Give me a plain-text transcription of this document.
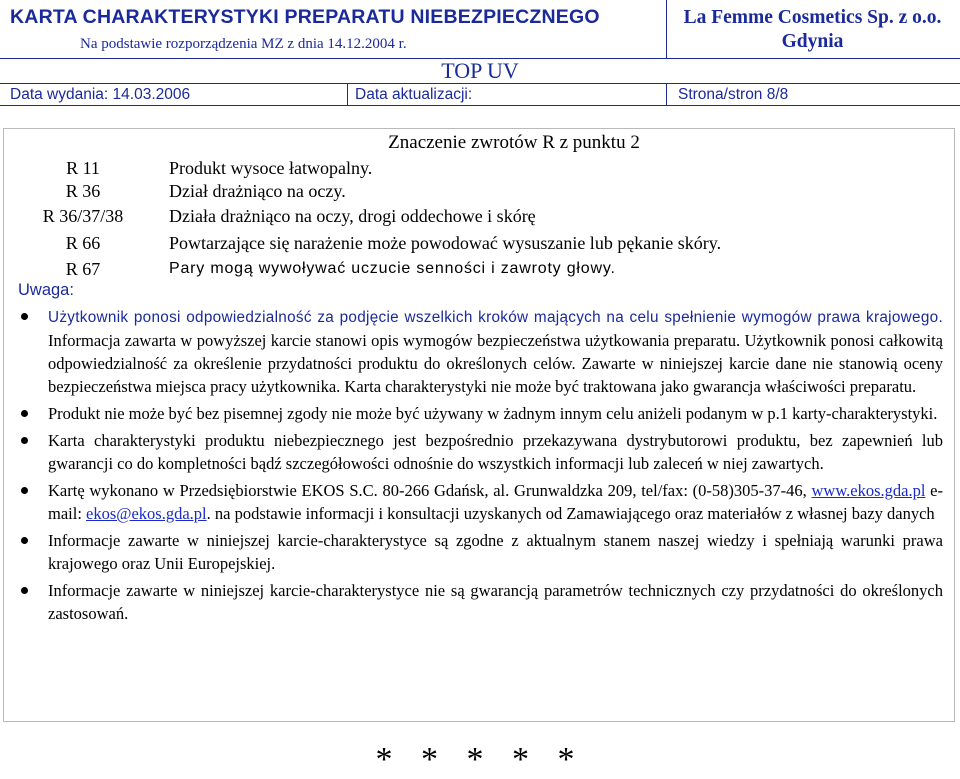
KARTA CHARAKTERYSTYKI PREPARATU NIEBEZPIECZNEGO
Na podstawie rozporządzenia MZ z dnia 14.12.2004 r.
La Femme Cosmetics Sp. z o.o.
Gdynia
TOP UV
Data wydania: 14.03.2006	Data aktualizacji:	Strona/stron 8/8
Znaczenie zwrotów R z punktu 2
R 11	Produkt wysoce łatwopalny.
R 36	Dział drażniąco na oczy.
R 36/37/38	Działa drażniąco na oczy, drogi oddechowe i skórę
R 66	Powtarzające się narażenie może powodować wysuszanie lub pękanie skóry.
R 67	Pary mogą wywoływać uczucie senności i zawroty głowy.
Uwaga:
Użytkownik ponosi odpowiedzialność za podjęcie wszelkich kroków mających na celu spełnienie wymogów prawa krajowego. Informacja zawarta w powyższej karcie stanowi opis wymogów bezpieczeństwa użytkowania preparatu. Użytkownik ponosi całkowitą odpowiedzialność za określenie przydatności produktu do określonych celów. Zawarte w niniejszej karcie dane nie stanowią oceny bezpieczeństwa miejsca pracy użytkownika. Karta charakterystyki nie może być traktowana jako gwarancja właściwości preparatu.
Produkt nie może być bez pisemnej zgody nie może być używany w żadnym innym celu aniżeli podanym w p.1 karty-charakterystyki.
Karta charakterystyki produktu niebezpiecznego jest bezpośrednio przekazywana dystrybutorowi produktu, bez zapewnień lub gwarancji co do kompletności bądź szczegółowości odnośnie do wszystkich informacji lub zaleceń w niej zawartych.
Kartę wykonano w Przedsiębiorstwie EKOS S.C. 80-266 Gdańsk, al. Grunwaldzka 209, tel/fax: (0-58)305-37-46, www.ekos.gda.pl e-mail: ekos@ekos.gda.pl. na podstawie informacji i konsultacji uzyskanych od Zamawiającego oraz materiałów z własnej bazy danych
Informacje zawarte w niniejszej karcie-charakterystyce są zgodne z aktualnym stanem naszej wiedzy i spełniają warunki prawa krajowego oraz Unii Europejskiej.
Informacje zawarte w niniejszej karcie-charakterystyce nie są gwarancją parametrów technicznych czy przydatności do określonych zastosowań.
* * * * *
